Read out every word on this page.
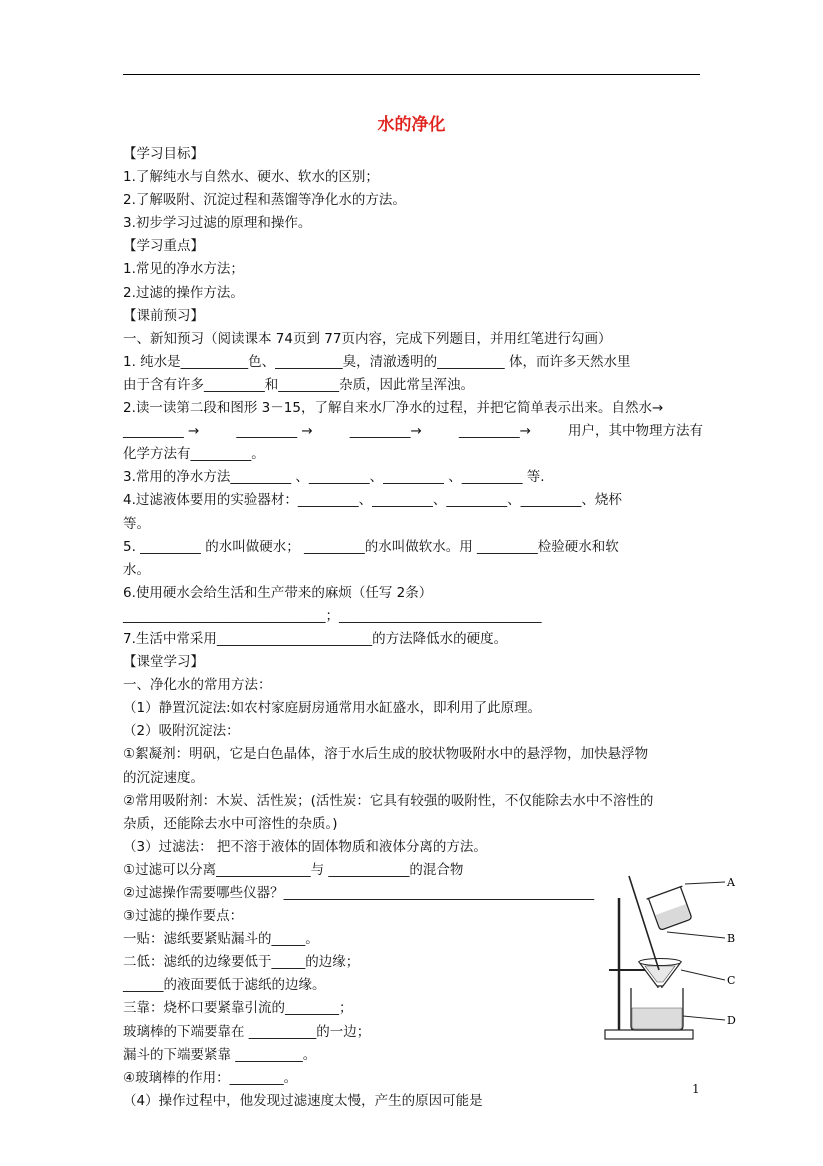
水的净化
【学习目标】
1.了解纯水与自然水、硬水、软水的区别；
2.了解吸附、沉淀过程和蒸馏等净化水的方法。
3.初步学习过滤的原理和操作。
【学习重点】
1.常见的净水方法；
2.过滤的操作方法。
【课前预习】
一、新知预习（阅读课本 74页到 77页内容，完成下列题目，并用红笔进行勾画）
1. 纯水是__________色、__________臭，清澈透明的__________ 体，而许多天然水里
由于含有许多_________和_________杂质，因此常呈浑浊。
2.读一读第二段和图形 3－15，了解自来水厂净水的过程，并把它简单表示出来。自然水→
_________ →	_________ →	_________→	_________→	用户，其中物理方法有
化学方法有_________。
3.常用的净水方法_________ 、_________、_________ 、_________ 等.
4.过滤液体要用的实验器材：_________、_________、_________、_________、烧杯
等。
5. _________ 的水叫做硬水； _________的水叫做软水。用 _________检验硬水和软
水。
6.使用硬水会给生活和生产带来的麻烦（任写 2条）
______________________________；______________________________
7.生活中常采用_______________________的方法降低水的硬度。
【课堂学习】
一、净化水的常用方法：
（1）静置沉淀法:如农村家庭厨房通常用水缸盛水，即利用了此原理。
（2）吸附沉淀法：
①絮凝剂：明矾，它是白色晶体，溶于水后生成的胶状物吸附水中的悬浮物，加快悬浮物
的沉淀速度。
②常用吸附剂：木炭、活性炭；(活性炭：它具有较强的吸附性，不仅能除去水中不溶性的
杂质，还能除去水中可溶性的杂质。)
（3）过滤法： 把不溶于液体的固体物质和液体分离的方法。
①过滤可以分离______________与 ____________的混合物
②过滤操作需要哪些仪器？______________________________________________
③过滤的操作要点：
一贴：滤纸要紧贴漏斗的_____。
二低：滤纸的边缘要低于_____的边缘；
______的液面要低于滤纸的边缘。
三靠：烧杯口要紧靠引流的________；
玻璃棒的下端要靠在 __________的一边；
漏斗的下端要紧靠 __________。
④玻璃棒的作用：________。
（4）操作过程中，他发现过滤速度太慢，产生的原因可能是
A
B
C
D
1
